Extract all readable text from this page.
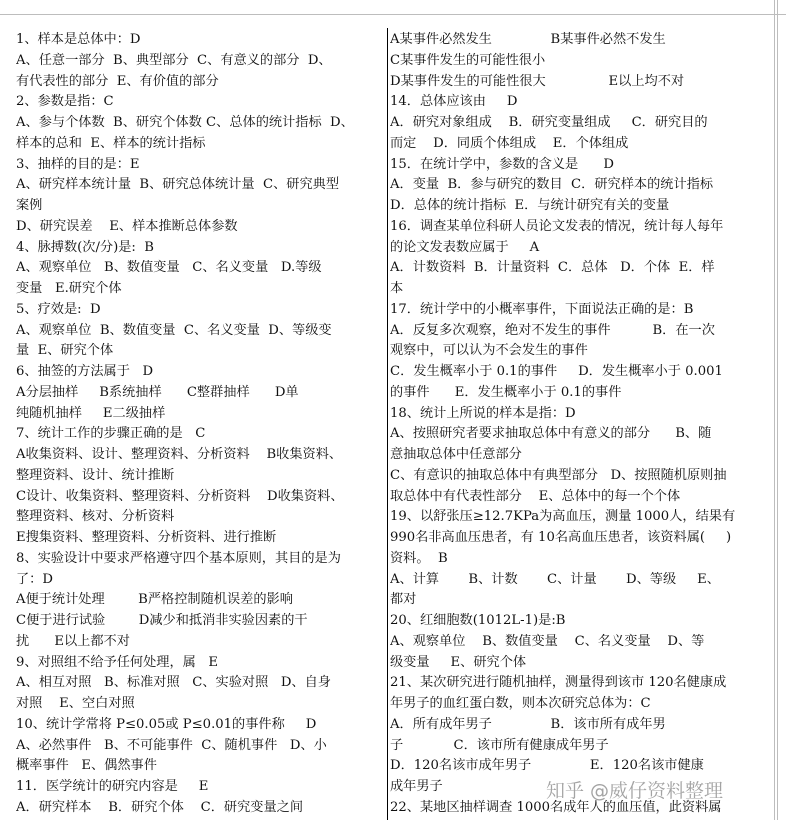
1、样本是总体中：D
A、任意一部分  B、典型部分  C、有意义的部分  D、
有代表性的部分  E、有价值的部分
2、参数是指：C
A、参与个体数  B、研究个体数 C、总体的统计指标  D、
样本的总和  E、样本的统计指标
3、抽样的目的是：E
A、研究样本统计量  B、研究总体统计量  C、研究典型
案例
D、研究误差    E、样本推断总体参数
4、脉搏数(次/分)是:  B
A、观察单位   B、数值变量   C、名义变量   D.等级
变量   E.研究个体
5、疗效是:  D
A、观察单位  B、数值变量  C、名义变量  D、等级变
量  E、研究个体
6、抽签的方法属于   D
A分层抽样     B系统抽样      C整群抽样      D单
纯随机抽样     E二级抽样
7、统计工作的步骤正确的是   C
A收集资料、设计、整理资料、分析资料    B收集资料、
整理资料、设计、统计推断
C设计、收集资料、整理资料、分析资料    D收集资料、
整理资料、核对、分析资料
E搜集资料、整理资料、分析资料、进行推断
8、实验设计中要求严格遵守四个基本原则，其目的是为
了：D
A便于统计处理        B严格控制随机误差的影响
C便于进行试验        D减少和抵消非实验因素的干
扰      E以上都不对
9、对照组不给予任何处理，属   E
A、相互对照   B、标准对照   C、实验对照   D、自身
对照    E、空白对照
10、统计学常将 P≤0.05或 P≤0.01的事件称     D
A、必然事件   B、不可能事件  C、随机事件   D、小
概率事件   E、偶然事件
11．医学统计的研究内容是     E
A．研究样本    B．研究个体    C．研究变量之间
A某事件必然发生              B某事件必然不发生
C某事件发生的可能性很小
D某事件发生的可能性很大               E以上均不对
14．总体应该由     D
A．研究对象组成    B．研究变量组成     C．研究目的
而定    D．同质个体组成    E．个体组成
15．在统计学中，参数的含义是      D
A．变量  B．参与研究的数目  C．研究样本的统计指标
D．总体的统计指标  E．与统计研究有关的变量
16．调查某单位科研人员论文发表的情况，统计每人每年
的论文发表数应属于     A
A．计数资料  B．计量资料  C．总体   D．个体  E．样
本
17．统计学中的小概率事件，下面说法正确的是：B
A．反复多次观察，绝对不发生的事件          B．在一次
观察中，可以认为不会发生的事件
C．发生概率小于 0.1的事件     D．发生概率小于 0.001
的事件      E．发生概率小于 0.1的事件
18、统计上所说的样本是指：D
A、按照研究者要求抽取总体中有意义的部分      B、随
意抽取总体中任意部分
C、有意识的抽取总体中有典型部分   D、按照随机原则抽
取总体中有代表性部分    E、总体中的每一个个体
19、以舒张压≥12.7KPa为高血压，测量 1000人，结果有
990名非高血压患者，有 10名高血压患者，该资料属(     )
资料。  B
A、计算       B、计数       C、计量       D、等级     E、
都对
20、红细胞数(1012L-1)是:B
A、观察单位    B、数值变量    C、名义变量    D、等
级变量     E、研究个体
21、某次研究进行随机抽样，测量得到该市 120名健康成
年男子的血红蛋白数，则本次研究总体为：C
A．所有成年男子              B．该市所有成年男
子            C．该市所有健康成年男子
D．120名该市成年男子              E．120名该市健康
成年男子
22、某地区抽样调查 1000名成年人的血压值，此资料属
知乎 @威仔资料整理
